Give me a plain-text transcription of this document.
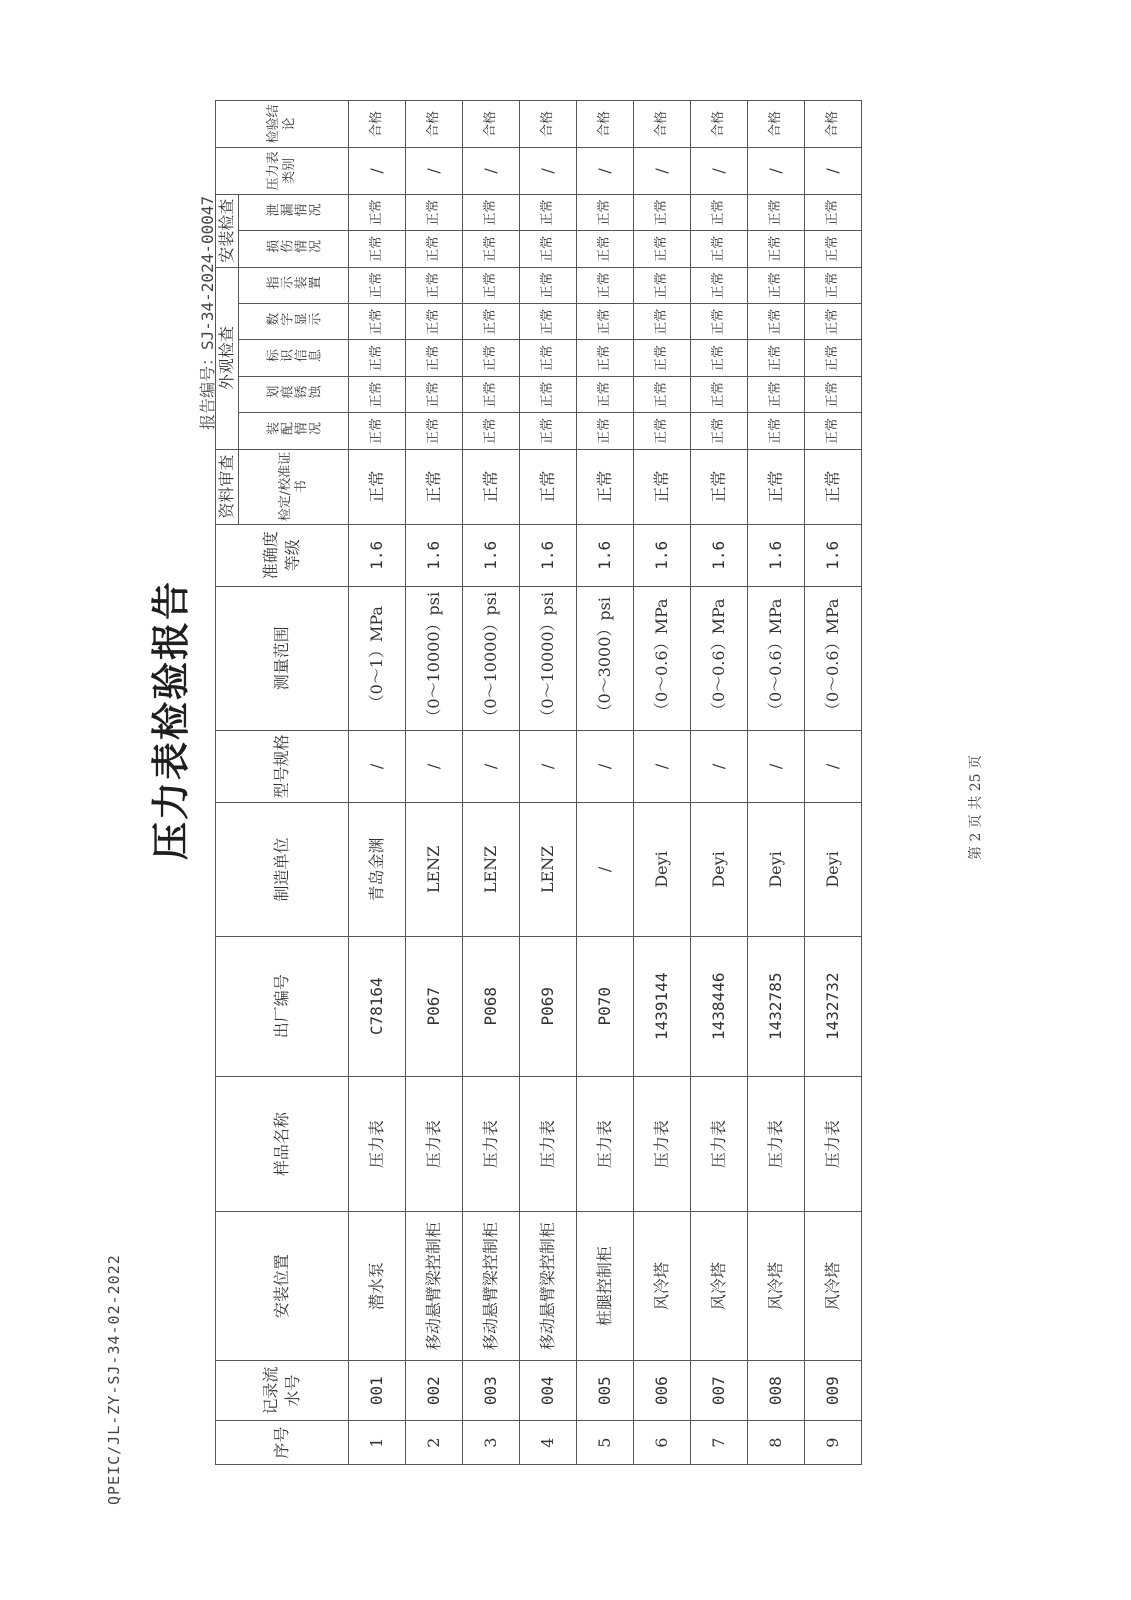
QPEIC/JL-ZY-SJ-34-02-2022
压力表检验报告
报告编号：SJ-34-2024-00047
序号	记录流水号	安装位置	样品名称	出厂编号	制造单位	型号规格	测量范围	准确度等级	资料审查	外观检查					安装检查		压力表类别	检验结论
									检定/校准证书	装配情况	划痕锈蚀	标识信息	数字显示	指示装置	损伤情况	泄漏情况		
1	001	潜水泵	压力表	C78164	青岛金渊	/	（0～1）MPa	1.6	正常	正常	正常	正常	正常	正常	正常	正常	/	合格
2	002	移动悬臂梁控制柜	压力表	P067	LENZ	/	（0～10000）psi	1.6	正常	正常	正常	正常	正常	正常	正常	正常	/	合格
3	003	移动悬臂梁控制柜	压力表	P068	LENZ	/	（0～10000）psi	1.6	正常	正常	正常	正常	正常	正常	正常	正常	/	合格
4	004	移动悬臂梁控制柜	压力表	P069	LENZ	/	（0～10000）psi	1.6	正常	正常	正常	正常	正常	正常	正常	正常	/	合格
5	005	桩腿控制柜	压力表	P070	/	/	（0～3000）psi	1.6	正常	正常	正常	正常	正常	正常	正常	正常	/	合格
6	006	风冷塔	压力表	1439144	Deyi	/	（0～0.6）MPa	1.6	正常	正常	正常	正常	正常	正常	正常	正常	/	合格
7	007	风冷塔	压力表	1438446	Deyi	/	（0～0.6）MPa	1.6	正常	正常	正常	正常	正常	正常	正常	正常	/	合格
8	008	风冷塔	压力表	1432785	Deyi	/	（0～0.6）MPa	1.6	正常	正常	正常	正常	正常	正常	正常	正常	/	合格
9	009	风冷塔	压力表	1432732	Deyi	/	（0～0.6）MPa	1.6	正常	正常	正常	正常	正常	正常	正常	正常	/	合格
第 2 页 共 25 页
